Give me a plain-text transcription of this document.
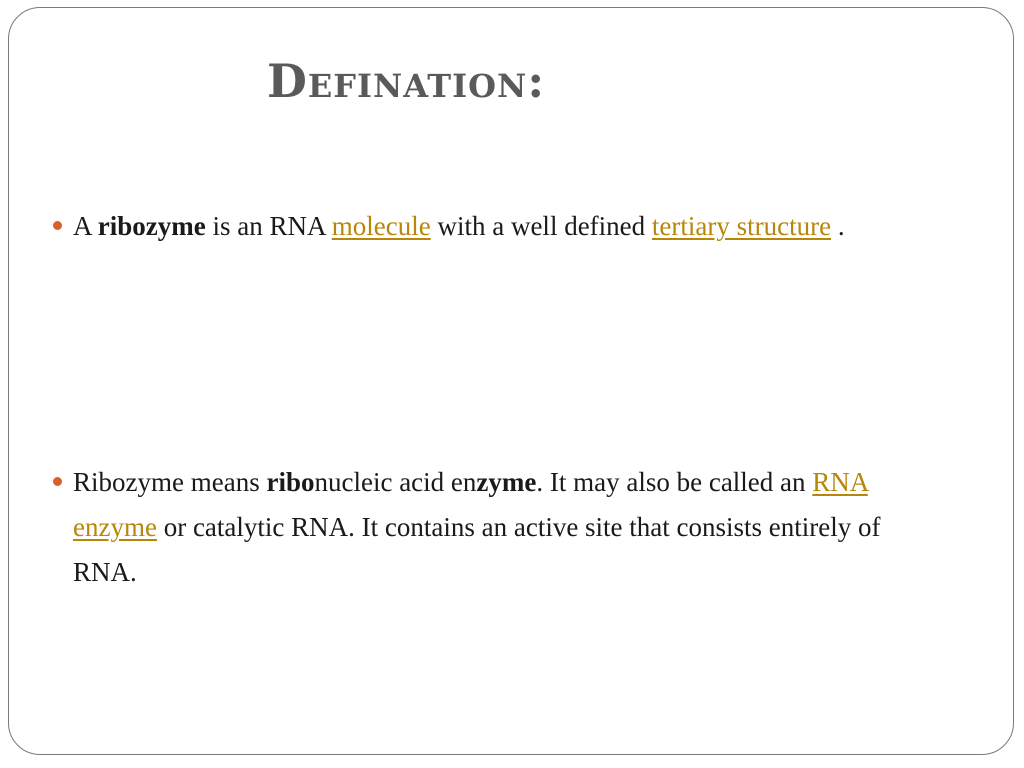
Defination:
A ribozyme is an RNA molecule with a well defined tertiary structure .
Ribozyme means ribonucleic acid enzyme. It may also be called an RNA enzyme or catalytic RNA. It contains an active site that consists entirely of RNA.
